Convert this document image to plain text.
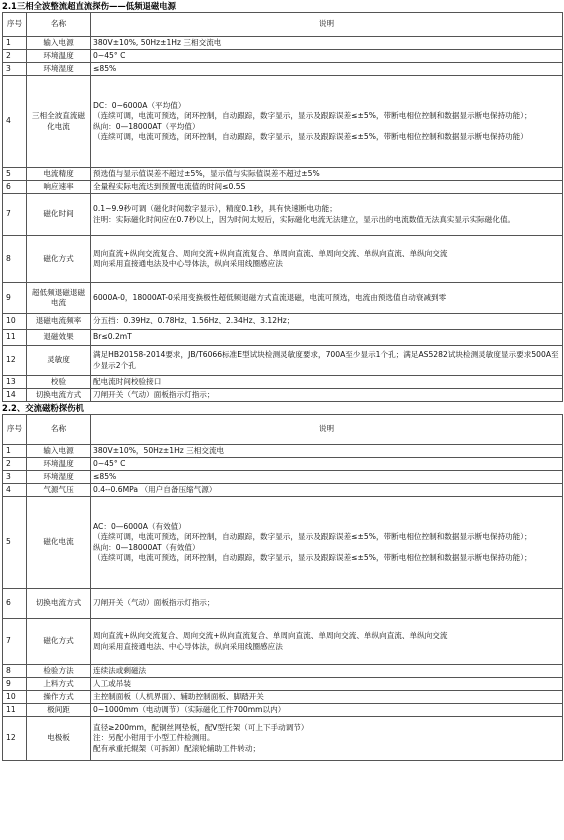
2.1三相全波整流超直流探伤——低频退磁电源
序号	名称	说明
1	输入电源	380V±10%, 50Hz±1Hz 三相交流电
2	环境温度	0~45° C
3	环境湿度	≤85%
4	三相全波直流磁化电流	DC：0~6000A（平均值）
（连续可调，电流可预选，闭环控制，自动跟踪，数字显示，显示及跟踪误差≤±5%，带断电相位控制和数据显示断电保持功能）；
纵向：0—18000AT（平均值）
（连续可调，电流可预选，闭环控制，自动跟踪，数字显示，显示及跟踪误差≤±5%，带断电相位控制和数据显示断电保持功能）

5	电流精度	预选值与显示值误差不超过±5%，显示值与实际值误差不超过±5%
6	响应速率	全量程实际电流达到预置电流值的时间≤0.5S
7	磁化时间	0.1~9.9秒可调（磁化时间数字显示），精度0.1秒，具有快速断电功能；
注明：实际磁化时间应在0.7秒以上，因为时间太短后，实际磁化电流无法建立，显示出的电流数值无法真实显示实际磁化值。

8	磁化方式	周向直流+纵向交流复合、周向交流+纵向直流复合、单周向直流、单周向交流、单纵向直流、单纵向交流
周向采用直接通电法及中心导体法，纵向采用线圈感应法

9	超低频退磁退磁电流	6000A-0，18000AT-0采用变换极性超低频退磁方式直流退磁，电流可预选，电流由预选值自动衰减到零
10	退磁电流频率	分五挡：0.39Hz、0.78Hz、1.56Hz、2.34Hz、3.12Hz；
11	退磁效果	Br≤0.2mT
12	灵敏度	满足HB20158-2014要求，JB/T6066标准E型试块检测灵敏度要求，700A至少显示1个孔；满足AS5282试块检测灵敏度显示要求500A至少显示2个孔
13	校验	配电流时间校验接口
14	切换电流方式	刀闸开关（气动）面板指示灯指示；
2.2、交流磁粉探伤机
序号	名称	说明
1	输入电源	380V±10%，50Hz±1Hz 三相交流电
2	环境温度	0~45° C
3	环境湿度	≤85%
4	气源气压	0.4--0.6MPa （用户自备压缩气源）
5	磁化电流	AC：0—6000A（有效值）
（连续可调，电流可预选，闭环控制，自动跟踪，数字显示，显示及跟踪误差≤±5%，带断电相位控制和数据显示断电保持功能）；
纵向：0—18000AT（有效值）
（连续可调，电流可预选，闭环控制，自动跟踪，数字显示，显示及跟踪误差≤±5%，带断电相位控制和数据显示断电保持功能）；

6	切换电流方式	刀闸开关（气动）面板指示灯指示；
7	磁化方式	周向直流+纵向交流复合、周向交流+纵向直流复合、单周向直流、单周向交流、单纵向直流、单纵向交流
周向采用直接通电法、中心导体法，纵向采用线圈感应法

8	检验方法	连续法或剩磁法
9	上料方式	人工或吊装
10	操作方式	主控制面板（人机界面）、辅助控制面板、脚踏开关
11	极间距	0~1000mm（电动调节）（实际磁化工件700mm以内）
12	电极板	直径≥200mm，配铜丝网垫板，配V型托架（可上下手动调节）
注：另配小钳用于小型工件检测用。
配有承重托辊架（可拆卸）配滚轮辅助工件转动；
